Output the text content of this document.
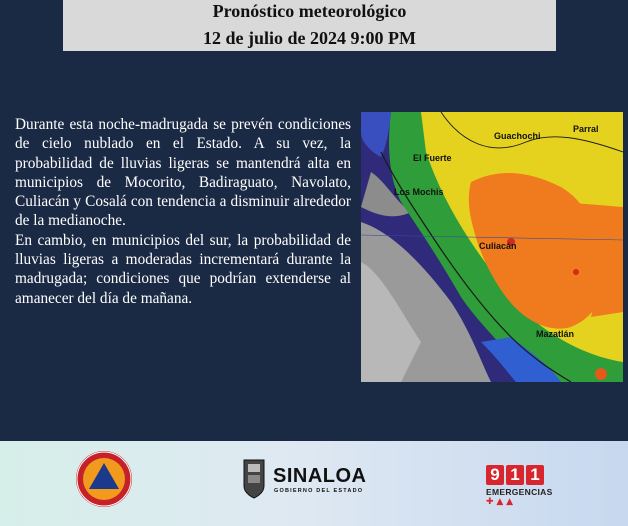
Pronóstico meteorológico
12 de julio de 2024 9:00 PM

Durante esta noche-madrugada se prevén condiciones de cielo nublado en el Estado. A su vez, la probabilidad de lluvias ligeras se mantendrá alta en municipios de Mocorito, Badiraguato, Navolato, Culiacán y Cosalá con tendencia a disminuir alrededor de la medianoche.

En cambio, en municipios del sur, la probabilidad de lluvias ligeras a moderadas incrementará durante la madrugada; condiciones que podrían extenderse al amanecer del día de mañana.

Guachochi
Parral
El Fuerte
Los Mochis
Culiacán
Mazatlán
SINALOA
GOBIERNO DEL ESTADO
9 1 1
EMERGENCIAS
✚ ▲ ▲
